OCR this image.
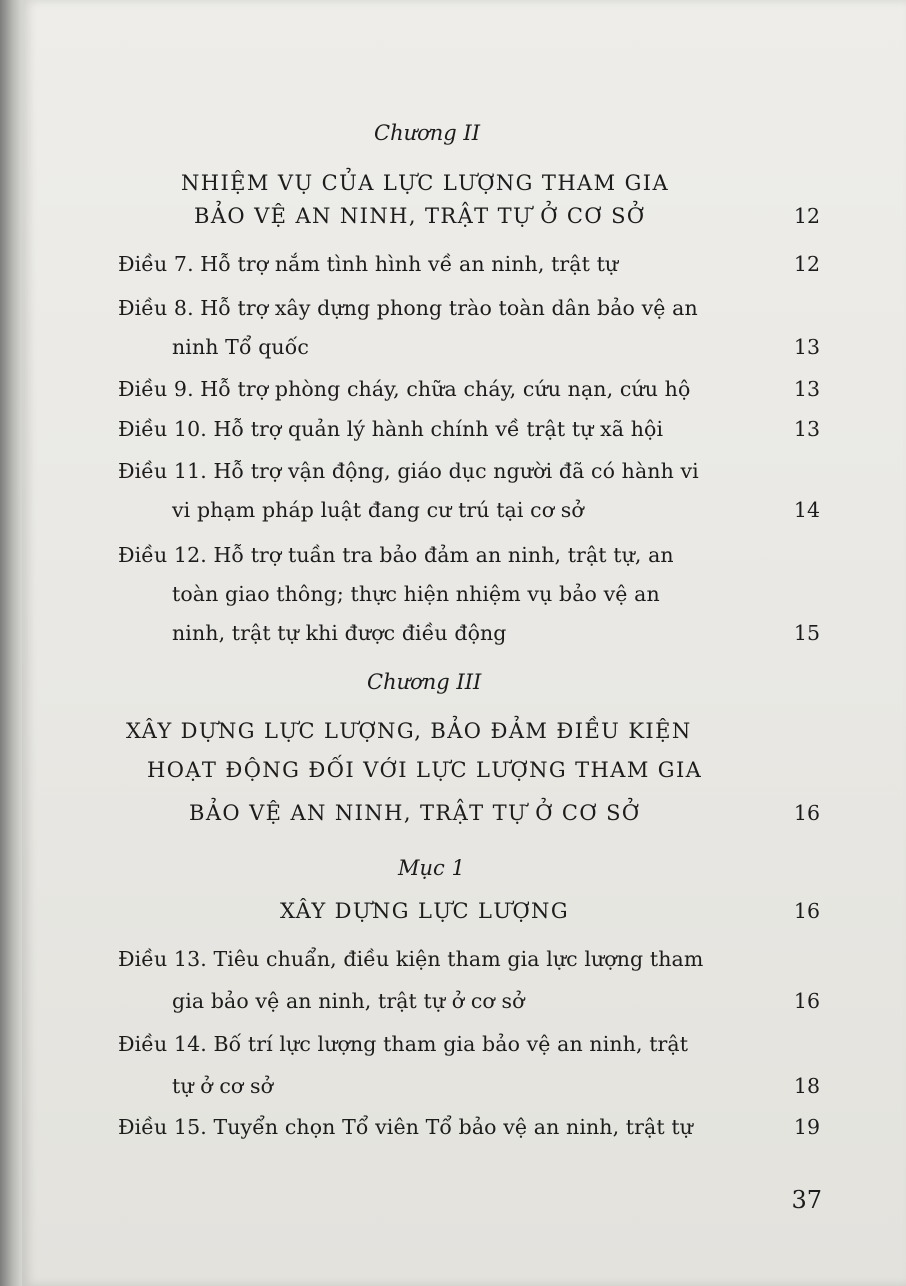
Chương II
NHIỆM VỤ CỦA LỰC LƯỢNG THAM GIA
BẢO VỆ AN NINH, TRẬT TỰ Ở CƠ SỞ	12
Điều 7. Hỗ trợ nắm tình hình về an ninh, trật tự	12
Điều 8. Hỗ trợ xây dựng phong trào toàn dân bảo vệ an
ninh Tổ quốc	13
Điều 9. Hỗ trợ phòng cháy, chữa cháy, cứu nạn, cứu hộ	13
Điều 10. Hỗ trợ quản lý hành chính về trật tự xã hội	13
Điều 11. Hỗ trợ vận động, giáo dục người đã có hành vi
vi phạm pháp luật đang cư trú tại cơ sở	14
Điều 12. Hỗ trợ tuần tra bảo đảm an ninh, trật tự, an
toàn giao thông; thực hiện nhiệm vụ bảo vệ an
ninh, trật tự khi được điều động	15
Chương III
XÂY DỰNG LỰC LƯỢNG, BẢO ĐẢM ĐIỀU KIỆN
HOẠT ĐỘNG ĐỐI VỚI LỰC LƯỢNG THAM GIA
BẢO VỆ AN NINH, TRẬT TỰ Ở CƠ SỞ	16
Mục 1
XÂY DỰNG LỰC LƯỢNG	16
Điều 13. Tiêu chuẩn, điều kiện tham gia lực lượng tham
gia bảo vệ an ninh, trật tự ở cơ sở	16
Điều 14. Bố trí lực lượng tham gia bảo vệ an ninh, trật
tự ở cơ sở	18
Điều 15. Tuyển chọn Tổ viên Tổ bảo vệ an ninh, trật tự	19
37
